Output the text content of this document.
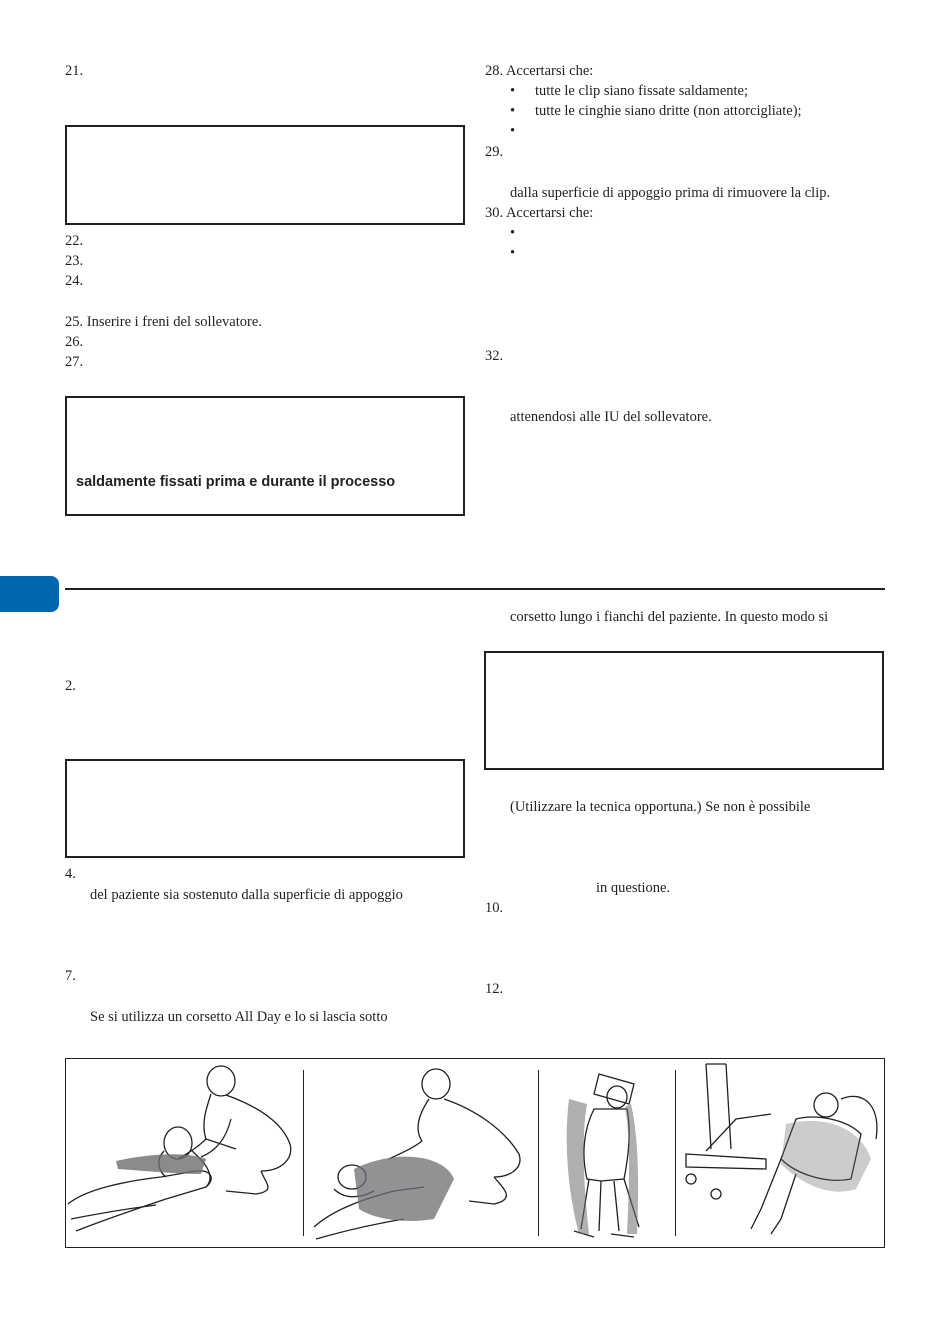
21.
22.
23.
24.
25. Inserire i freni del sollevatore.
26.
27.
saldamente fissati prima e durante il processo
28. Accertarsi che:
• tutte le clip siano fissate saldamente;
• tutte le cinghie siano dritte (non attorcigliate);
•
29.
dalla superficie di appoggio prima di rimuovere la clip.
30. Accertarsi che:
•
•
32.
attenendosi alle IU del sollevatore.
2.
4.
del paziente sia sostenuto dalla superficie di appoggio
7.
Se si utilizza un corsetto All Day e lo si lascia sotto
corsetto lungo i fianchi del paziente. In questo modo si
(Utilizzare la tecnica opportuna.) Se non è possibile
in questione.
10.
12.
